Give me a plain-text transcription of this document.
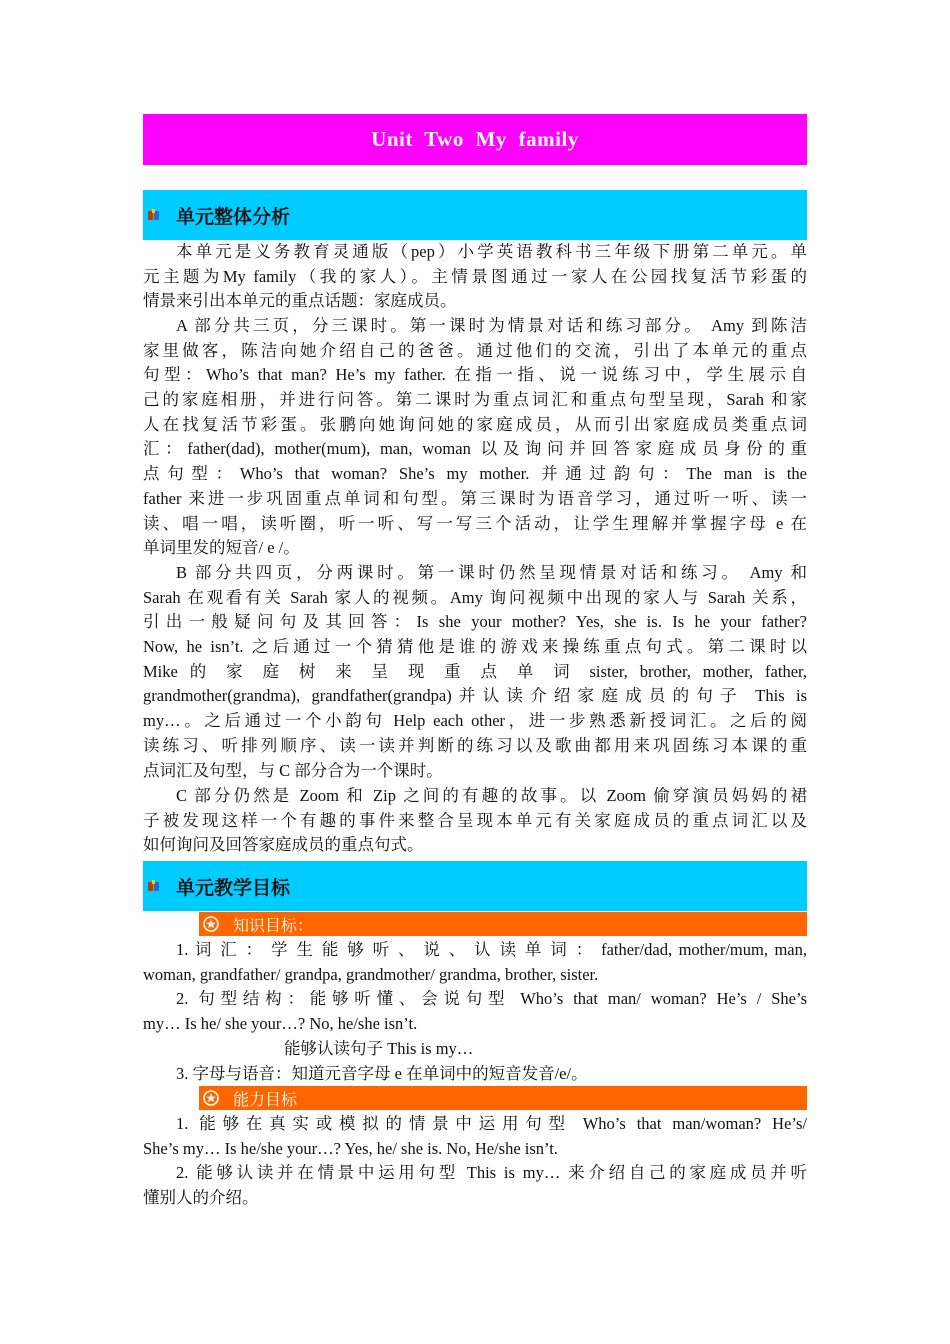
Unit Two My family
单元整体分析
本单元是义务教育灵通版（pep）小学英语教科书三年级下册第二单元。单
元主题为My family（我的家人）。主情景图通过一家人在公园找复活节彩蛋的
情景来引出本单元的重点话题：家庭成员。
A 部分共三页，分三课时。第一课时为情景对话和练习部分。 Amy 到陈洁
家里做客，陈洁向她介绍自己的爸爸。通过他们的交流，引出了本单元的重点
句型：Who’s that man? He’s my father. 在指一指、说一说练习中，学生展示自
己的家庭相册，并进行问答。第二课时为重点词汇和重点句型呈现，Sarah 和家
人在找复活节彩蛋。张鹏向她询问她的家庭成员，从而引出家庭成员类重点词
汇：father(dad), mother(mum), man, woman 以及询问并回答家庭成员身份的重
点句型：Who’s that woman? She’s my mother. 并通过韵句：The man is the
father 来进一步巩固重点单词和句型。第三课时为语音学习，通过听一听、读一
读、唱一唱，读听圈，听一听、写一写三个活动，让学生理解并掌握字母 e 在
单词里发的短音/ e /。
B 部分共四页，分两课时。第一课时仍然呈现情景对话和练习。 Amy 和
Sarah 在观看有关 Sarah 家人的视频。Amy 询问视频中出现的家人与 Sarah 关系，
引出一般疑问句及其回答：Is she your mother? Yes, she is. Is he your father?
Now, he isn’t. 之后通过一个猜猜他是谁的游戏来操练重点句式。第二课时以
Mike 的 家 庭 树 来 呈 现 重 点 单 词 sister, brother, mother, father,
grandmother(grandma), grandfather(grandpa)并认读介绍家庭成员的句子 This is
my…。之后通过一个小韵句 Help each other，进一步熟悉新授词汇。之后的阅
读练习、听排列顺序、读一读并判断的练习以及歌曲都用来巩固练习本课的重
点词汇及句型，与 C 部分合为一个课时。
C 部分仍然是 Zoom 和 Zip 之间的有趣的故事。以 Zoom 偷穿演员妈妈的裙
子被发现这样一个有趣的事件来整合呈现本单元有关家庭成员的重点词汇以及
如何询问及回答家庭成员的重点句式。
单元教学目标
知识目标：
1. 词 汇 ： 学 生 能 够 听 、 说 、 认 读 单 词 ： father/dad, mother/mum, man,
woman, grandfather/ grandpa, grandmother/ grandma, brother, sister.
2. 句型结构：能够听懂、会说句型 Who’s that man/ woman? He’s / She’s
my… Is he/ she your…? No, he/she isn’t.
能够认读句子 This is my…
3. 字母与语音：知道元音字母 e 在单词中的短音发音/e/。
能力目标
1. 能够在真实或模拟的情景中运用句型 Who’s that man/woman? He’s/
She’s my… Is he/she your…? Yes, he/ she is. No, He/she isn’t.
2. 能够认读并在情景中运用句型 This is my… 来介绍自己的家庭成员并听
懂别人的介绍。
